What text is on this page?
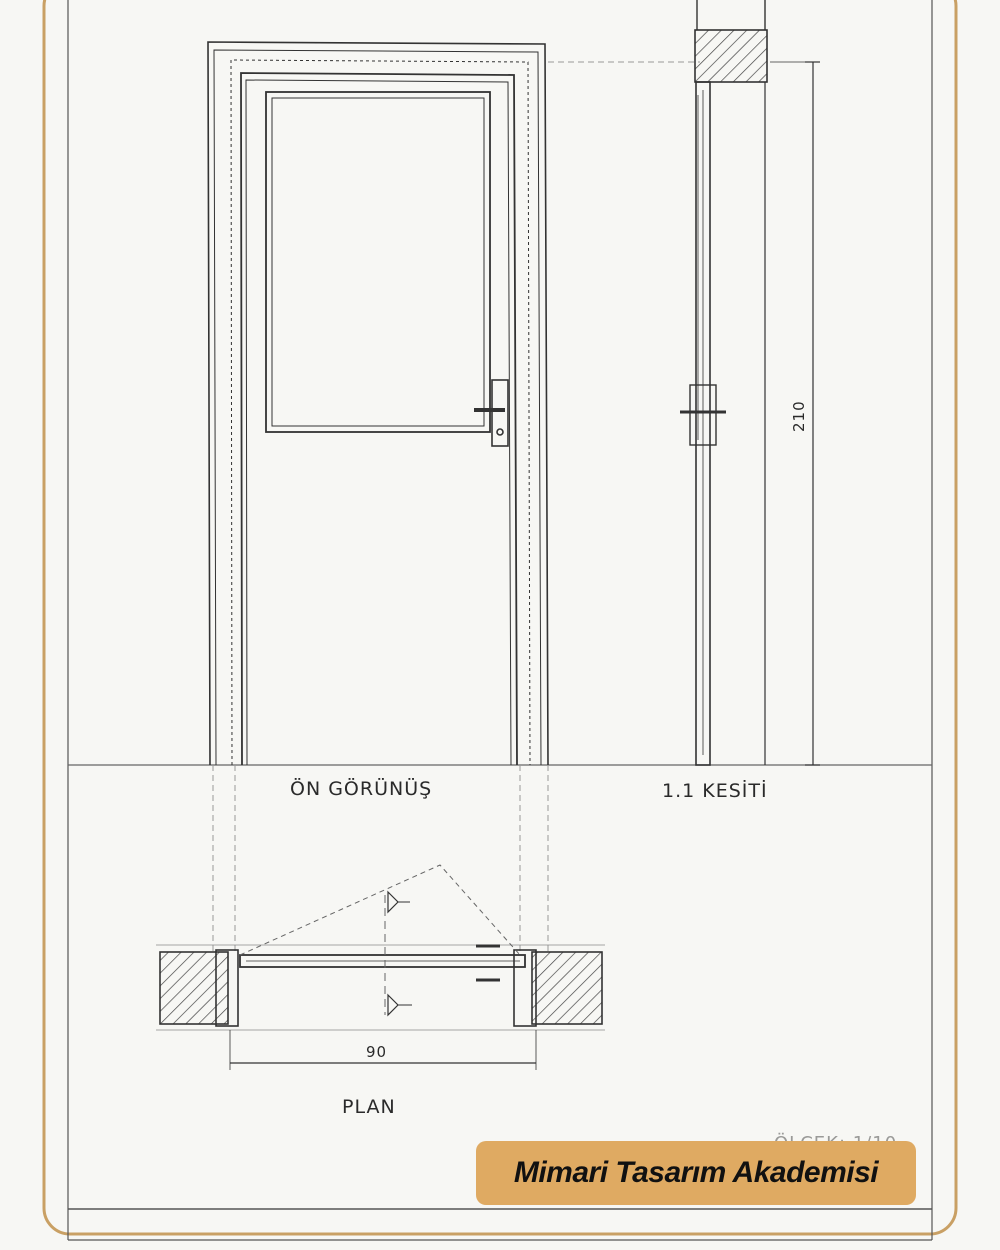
ÖN GÖRÜNÜŞ	1.1 KESİTİ
PLAN
90
210
Mimari Tasarım Akademisi
